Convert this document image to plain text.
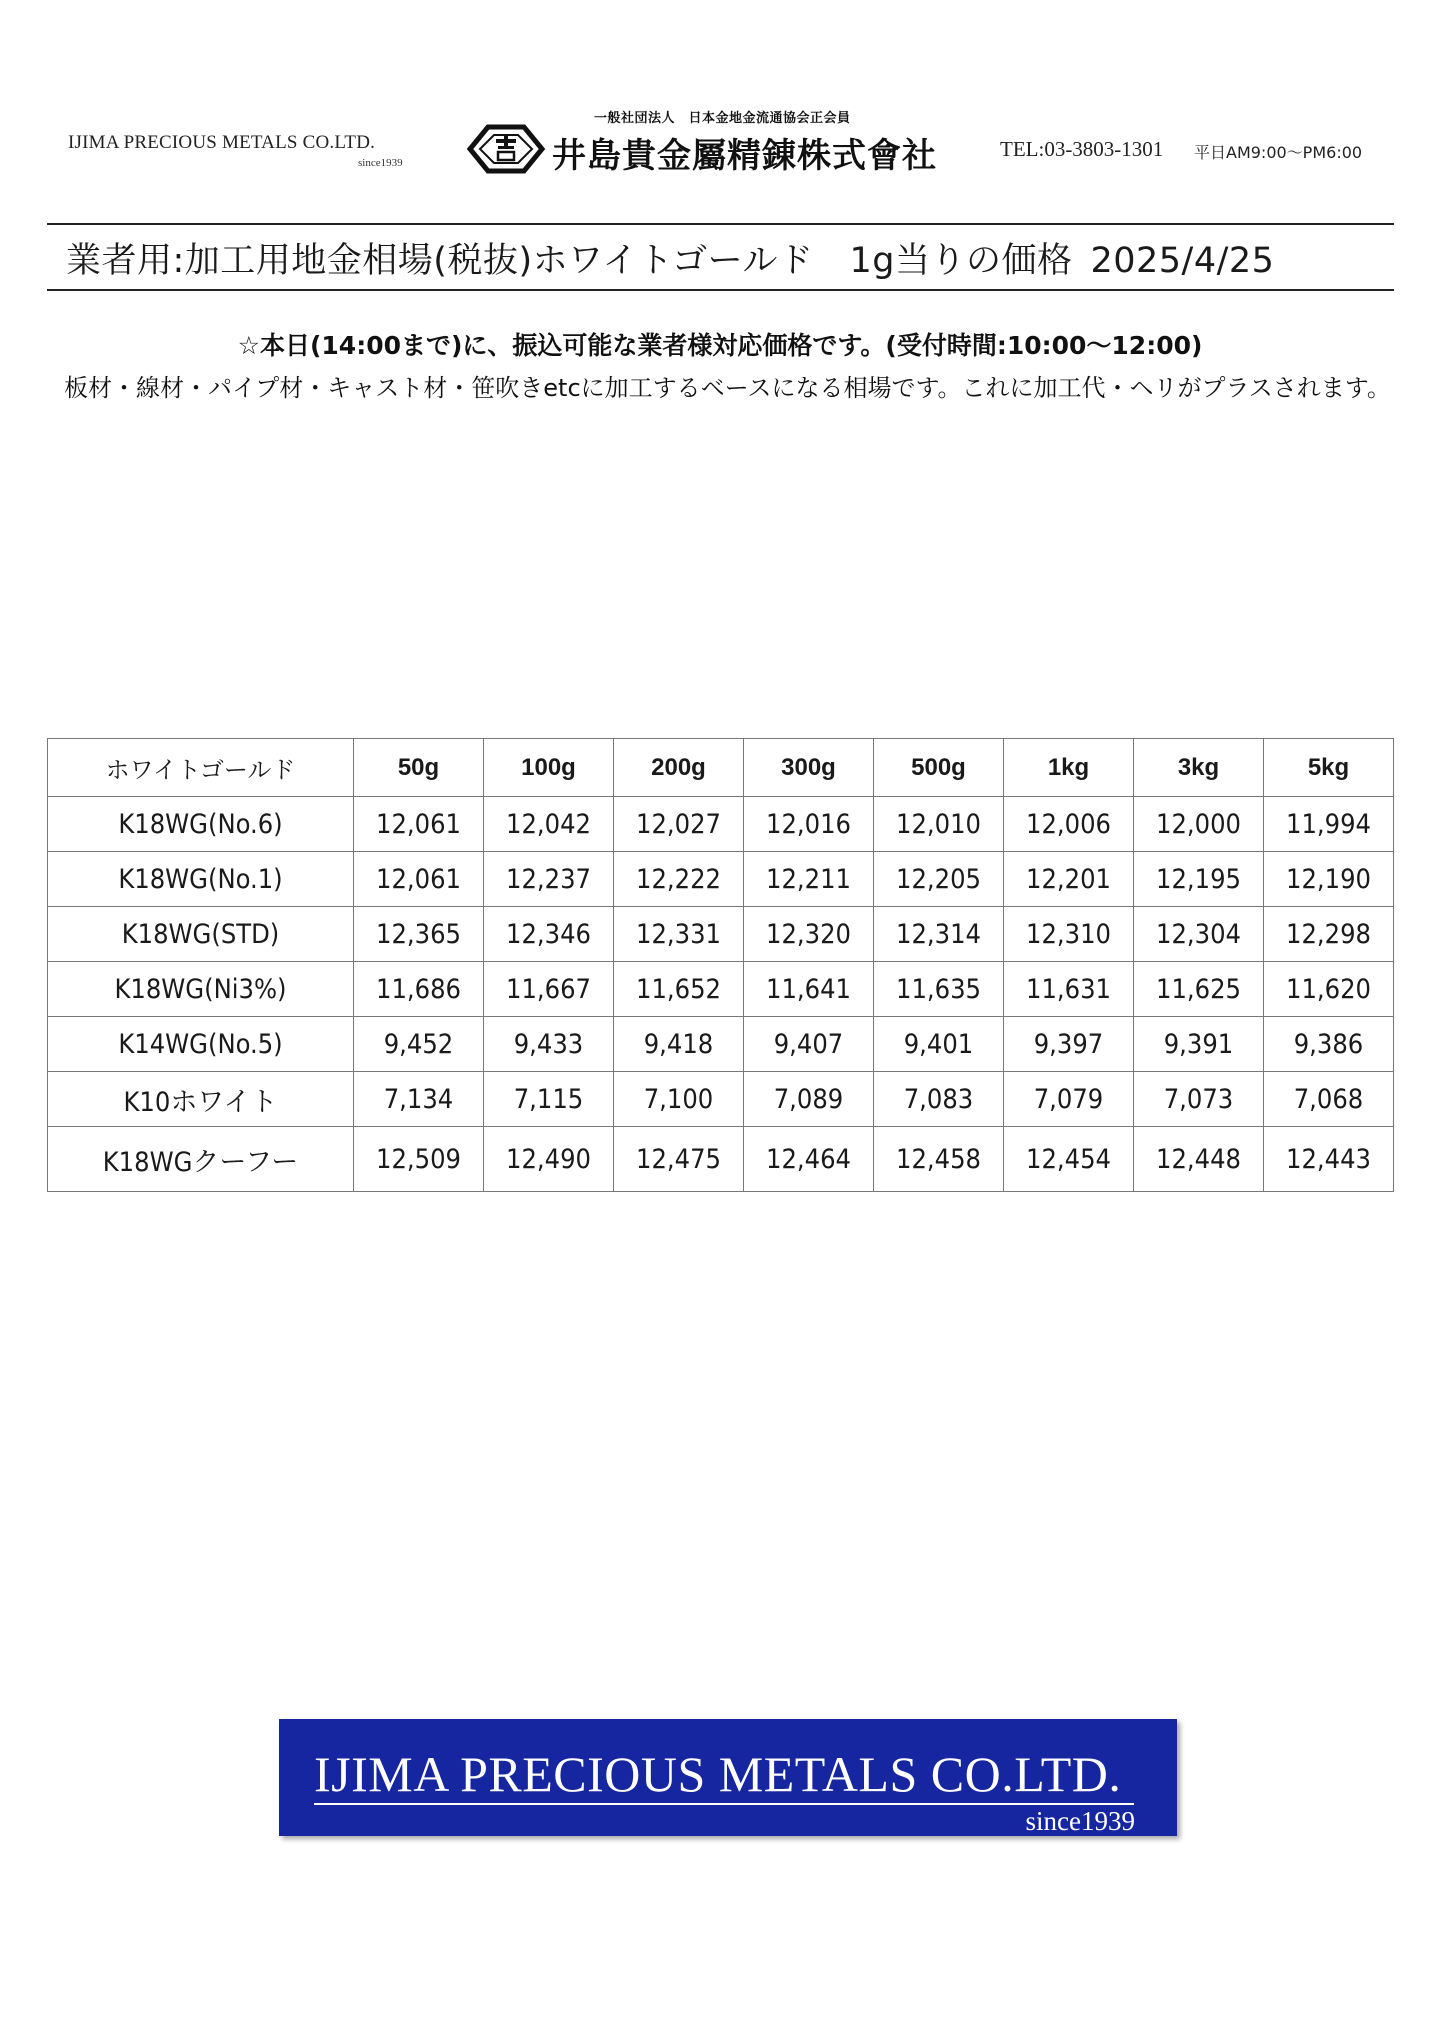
IJIMA PRECIOUS METALS CO.LTD.
since1939
一般社団法人　日本金地金流通協会正会員
井島貴金屬精錬株式會社	TEL:03-3803-1301 平日AM9:00～PM6:00
業者用:加工用地金相場(税抜)ホワイトゴールド 1g当りの価格 2025/4/25
☆本日(14:00まで)に、振込可能な業者様対応価格です。(受付時間:10:00～12:00)
板材・線材・パイプ材・キャスト材・笹吹きetcに加工するベースになる相場です。これに加工代・ヘリがプラスされます。
ホワイトゴールド	50g	100g	200g	300g	500g	1kg	3kg	5kg
K18WG(No.6)	12,061	12,042	12,027	12,016	12,010	12,006	12,000	11,994
K18WG(No.1)	12,061	12,237	12,222	12,211	12,205	12,201	12,195	12,190
K18WG(STD)	12,365	12,346	12,331	12,320	12,314	12,310	12,304	12,298
K18WG(Ni3%)	11,686	11,667	11,652	11,641	11,635	11,631	11,625	11,620
K14WG(No.5)	9,452	9,433	9,418	9,407	9,401	9,397	9,391	9,386
K10ホワイト	7,134	7,115	7,100	7,089	7,083	7,079	7,073	7,068
K18WGクーフー	12,509	12,490	12,475	12,464	12,458	12,454	12,448	12,443
IJIMA PRECIOUS METALS CO.LTD.
since1939
